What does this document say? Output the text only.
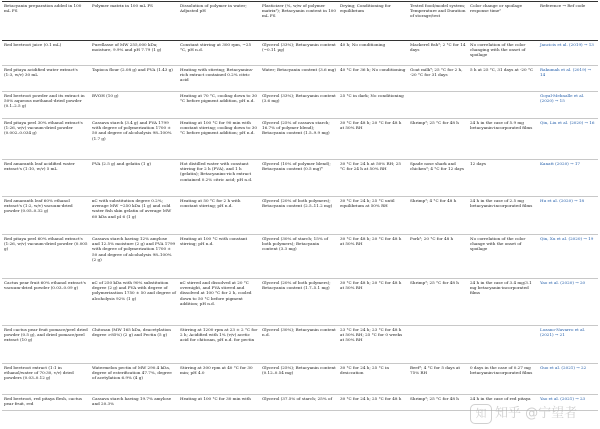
Betacyanin preparation added in 100 mL FS	Polymer matrix in 100 mL FS	Dissolution of polymer in water; Adjusted pH	Plasticizer (%, w/w of polymer matrix¹); Betacyanin content in 100 mL FS	Drying; Conditioning for equilibrium	Tested food/model system; Temperature and Duration of storage/test	Color change or spoilage response time²	Reference → Ref code
Red beetroot juice (0.1 mL)	Purellasse of MW 255,000 kDa; moisture, 9.9% and pH 7.79 (1 g)	Constant stirring at 300 rpm, ~25 °C, pH n.d.	Glycerol (33%); Betacyanin content (~0.11 µg)	40 h; No conditioning	Mackerel fish³; 2 °C for 14 days	No correlation of the color changing with the onset of spoilage	Jancicis et al. (2019) → 13
Red pitaya acidified water extract's (1:3, w/v) 30 mL	Tapioca flour (2.08 g) and PVA (1.43 g)	Heating with stirring; Betacyanins-rich extract contained 0.2% citric acid	Water; Betacyanin content (3.6 mg)	40 °C for 36 h; No conditioning	Goat milk⁴; 25 °C for 2 h, -20 °C for 31 days	5 h at 25 °C, 31 days at -20 °C	Rakumah et al. (2019) → 14
Red beetroot powder and its extract in 50% aqueous methanol-dried powder (0.1–2.5 g)	BVOH (10 g)	Heating at 70 °C, cooling down to 30 °C before pigment addition, pH n.d.	Glycerol (33%); Betacyanin content (3.6 mg)	25 °C in dark; No conditioning			Goyal-Mehnalle et al. (2020) → 15
Red pitaya peel 30% ethanol extract's (1:26, w/v) vacuum-dried powder (0.002–0.034 g)	Cassava starch (3.4 g) and PVA 1799 with degree of polymerization 1700 ± 50 and degree of alcoholysis 98–100% (1.7 g)	Heating at 100 °C for 90 min with constant stirring; cooling down to 30 °C before pigment addition; pH n.d.	Glycerol (25% of cassava starch; 16.7% of polymer blend); Betacyanin content (1.5–9.9 mg)	30 °C for 48 h; 20 °C for 48 h at 50% RH	Shrimp³; 25 °C for 48 h	24 h in the case of 5.9 mg betacyanin-incorporated films	Qin, Liu et al. (2020) → 16
Red amaranth leaf acidified water extract's (1:10, w/v) 5 mL	PVA (2.5 g) and gelatin (1 g)	Hot distilled water with constant stirring for 2 h (PVA), and 1 h (gelatin); Betacyanins-rich extract contained 0.2% citric acid; pH n.d.	Glycerol (10% of polymer blend); Betacyanin content (0.5 mg)⁴	30 °C for 24 h at 50% RH; 25 °C for 24 h at 50% RH	Spade nose shark and chicken³; 4 °C for 12 days	12 days	Kanatt (2020) → 17
Red amaranth leaf 60% ethanol extract's (1:2, w/v) vacuum-dried powder (0.05–0.32 g)	κC with substitution degree 0.2%; average MW ~250 kDa (1 g) and cold water fish skin gelatin of average MW 60 kDa and pI 6 (1 g)	Heating at 50 °C for 2 h with constant stirring; pH n.d.	Glycerol (20% of both polymers); Betacyanin content (2.5–11.2 mg)	30 °C for 24 h; 25 °C until equilibrium at 50% RH	Shrimp³; 4 °C for 48 h	24 h in the case of 2.5 mg betacyanin-incorporated films	Hu et al. (2020) → 18
Red pitaya peel 60% ethanol extract's (1:26, w/v) vacuum-dried powder (0.005 g)	Cassava starch having 12% amylose and 12.5% moisture (2 g) and PVA 1799 with degree of polymerization 1700 ± 50 and degree of alcoholysis 98–100% (2 g)	Heating at 100 °C with constant stirring; pH n.d.	Glycerol (30% of starch; 15% of both polymers); Betacyanin content (3.3 mg)	30 °C for 48 h; 20 °C for 48 h at 50% RH	Pork³; 20 °C for 48 h	No correlation of the color change with the onset of spoilage	Qin, Xu et al. (2020) → 19
Cactus pear fruit 60% ethanol extract's vacuum-dried powder (0.03–0.09 g)	κC of 250 kDa with 90% substitution degree (2 g) and PVA with degree of polymerization 1750 ± 50 and degree of alcoholysis 92% (1 g)	κC stirred and dissolved at 20 °C overnight, and PVA stirred and dissolved at 100 °C for 2 h, cooled down to 50 °C before pigment addition; pH n.d.	Glycerol (20% of both polymers); Betacyanin content (1.7–5.1 mg)	30 °C for 48 h; 20 °C for 48 h at 50% RH	Shrimp³; 25 °C for 48 h	24 h in the case of 3.4 mg/3.1 mg betacyanin-incorporated films	Yao et al. (2020) → 20
Red cactus pear fruit pomace/peel dried powder (0.5 g), and dried pomace/peel extract (10 g)	Chitosan (MW 165 kDa, deacetylation degree >85%) (2 g) and Pectin (5 g)	Stirring at 1200 rpm at 23 ± 2 °C for 2 h; Acidified with 1% (v/v) acetic acid for chitosan, pH n.d. for pectin	Glycerol (30%); Betacyanin content n.d.	23 °C for 24 h; 23 °C for 48 h at 50% RH; 25 °C for 0 weeks at 50% RH			Lozano-Navarro et al. (2021) → 21
Red beetroot extract (1:1 in ethanol/water of 70:30, v/v) dried powders (0.03–0.12 g)	Watermelon pectin of MW 290.4 kDa, degree of esterification 47.7%, degree of acetylation 6.9% (4 g)	Stirring at 300 rpm at 40 °C for 30 min; pH 4.0	Glycerol (25%); Betacyanin content (0.12–0.54 mg)	30 °C for 24 h; 25 °C in desiccation	Beef³; 4 °C for 5 days at 75% RH	0 days in the case of 0.27 mg betacyanin-incorporated films	Guo et al. (2021) → 22
Red beetroot, red pitaya flesh, cactus pear fruit, red	Cassava starch having 19.7% amylose and 20.3%	Heating at 100 °C for 30 min with	Glycerol (37.5% of starch; 25% of	30 °C for 24 h; 25 °C for 48 h	Shrimp³; 25 °C for 48 h	24 h in the case of red pitaya	Yao et al. (2021) → 23
知 知乎 @宁望者
